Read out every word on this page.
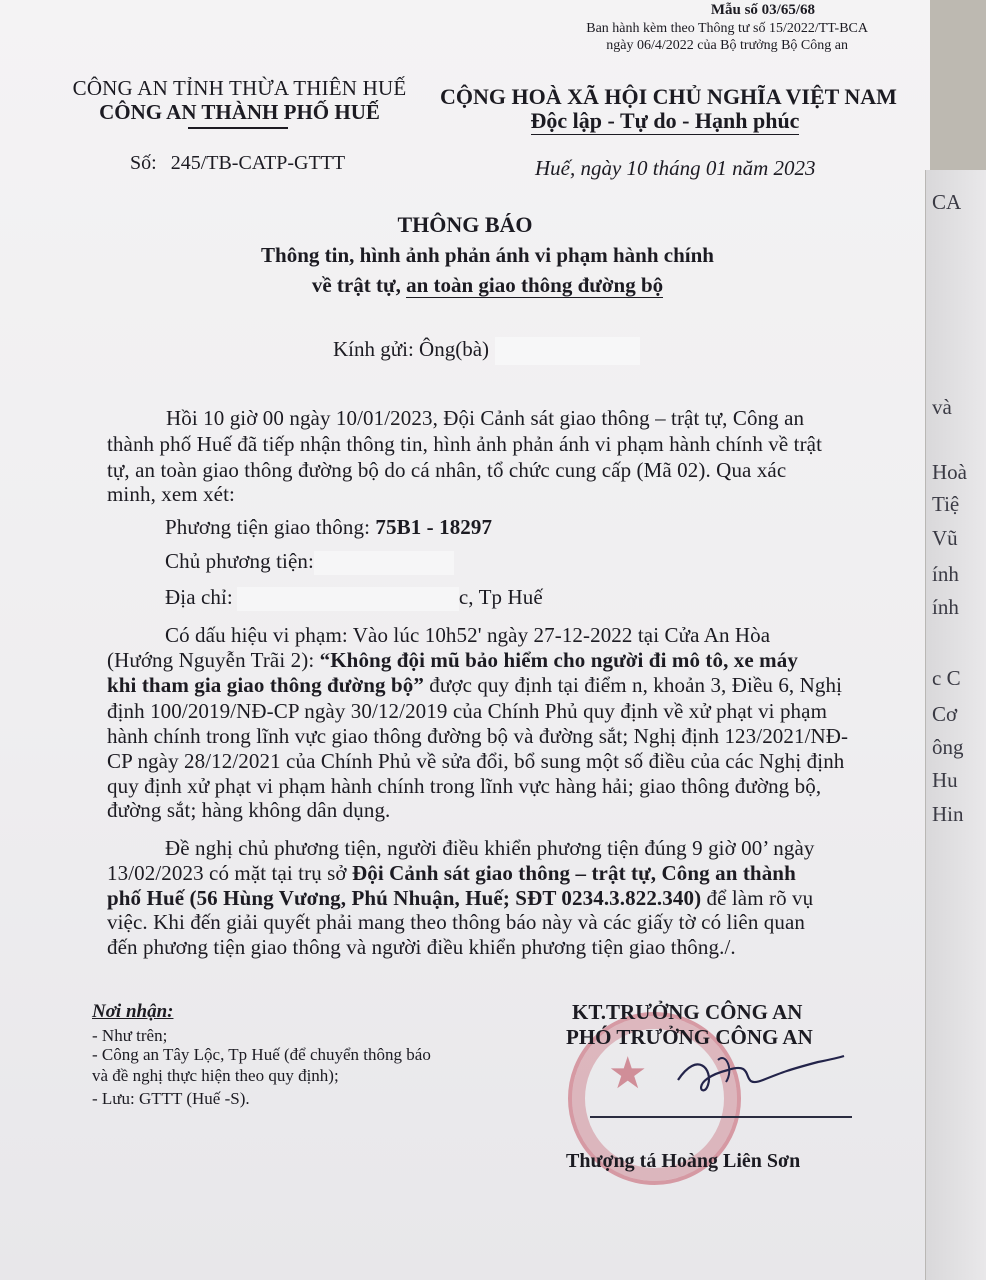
Mẫu số 03/65/68
Ban hành kèm theo Thông tư số 15/2022/TT-BCA
ngày 06/4/2022 của Bộ trưởng Bộ Công an
CÔNG AN TỈNH THỪA THIÊN HUẾ
CÔNG AN THÀNH PHỐ HUẾ
CỘNG HOÀ XÃ HỘI CHỦ NGHĨA VIỆT NAM
Độc lập - Tự do - Hạnh phúc
Số: 245/TB-CATP-GTTT	Huế, ngày 10 tháng 01 năm 2023
THÔNG BÁO
Thông tin, hình ảnh phản ánh vi phạm hành chính
về trật tự, an toàn giao thông đường bộ
Kính gửi: Ông(bà)
Hồi 10 giờ 00 ngày 10/01/2023, Đội Cảnh sát giao thông – trật tự, Công an
thành phố Huế đã tiếp nhận thông tin, hình ảnh phản ánh vi phạm hành chính về trật
tự, an toàn giao thông đường bộ do cá nhân, tổ chức cung cấp (Mã 02). Qua xác
minh, xem xét:
Phương tiện giao thông: 75B1 - 18297
Chủ phương tiện:
Địa chỉ:	c, Tp Huế
Có dấu hiệu vi phạm: Vào lúc 10h52' ngày 27-12-2022 tại Cửa An Hòa
(Hướng Nguyễn Trãi 2): “Không đội mũ bảo hiểm cho người đi mô tô, xe máy
khi tham gia giao thông đường bộ” được quy định tại điểm n, khoản 3, Điều 6, Nghị
định 100/2019/NĐ-CP ngày 30/12/2019 của Chính Phủ quy định về xử phạt vi phạm
hành chính trong lĩnh vực giao thông đường bộ và đường sắt; Nghị định 123/2021/NĐ-
CP ngày 28/12/2021 của Chính Phủ về sửa đổi, bổ sung một số điều của các Nghị định
quy định xử phạt vi phạm hành chính trong lĩnh vực hàng hải; giao thông đường bộ,
đường sắt; hàng không dân dụng.
Đề nghị chủ phương tiện, người điều khiển phương tiện đúng 9 giờ 00’ ngày
13/02/2023 có mặt tại trụ sở Đội Cảnh sát giao thông – trật tự, Công an thành
phố Huế (56 Hùng Vương, Phú Nhuận, Huế; SĐT 0234.3.822.340) để làm rõ vụ
việc. Khi đến giải quyết phải mang theo thông báo này và các giấy tờ có liên quan
đến phương tiện giao thông và người điều khiển phương tiện giao thông./.
Nơi nhận:
- Như trên;
- Công an Tây Lộc, Tp Huế (để chuyển thông báo
và đề nghị thực hiện theo quy định);
- Lưu: GTTT (Huế -S).
★
KT.TRƯỞNG CÔNG AN
PHÓ TRƯỞNG CÔNG AN
Thượng tá Hoàng Liên Sơn
CA
và
Hoà
Tiệ
Vũ
ính
ính
c C
Cơ
ông
Hu
Hin
